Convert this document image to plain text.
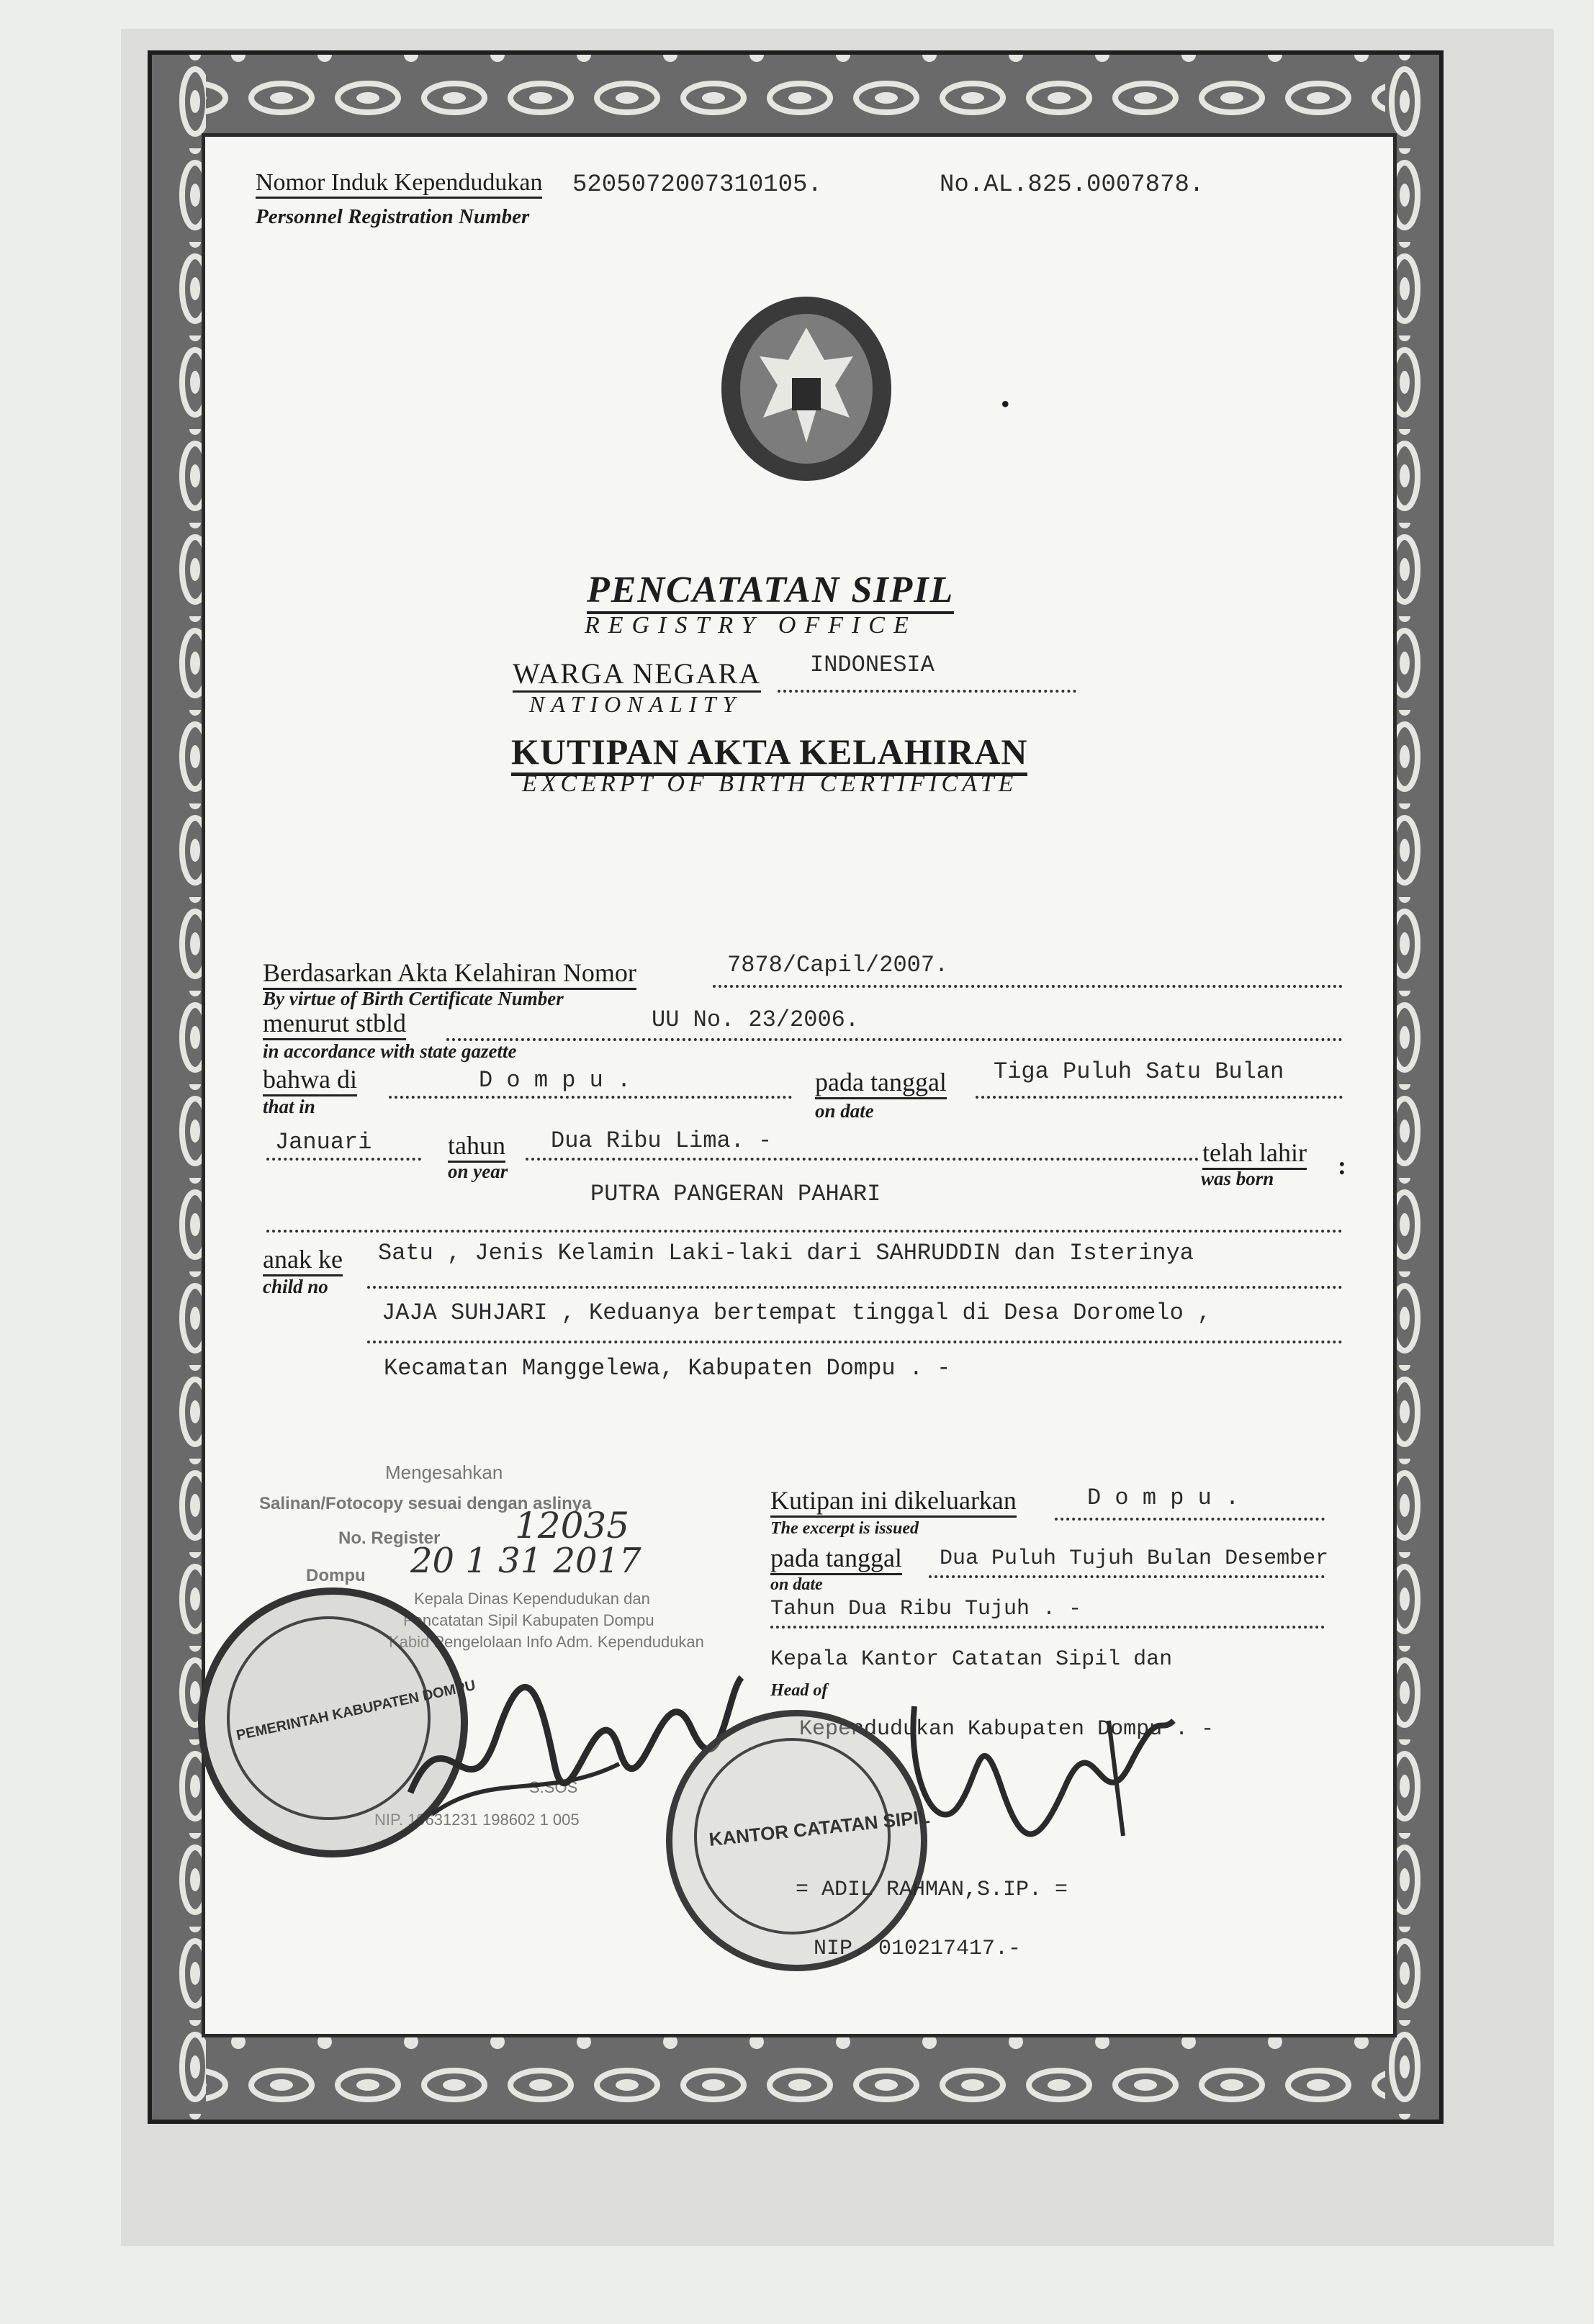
Nomor Induk Kependudukan 5205072007310105.
Personnel Registration Number
No.AL.825.0007878.
•
PENCATATAN SIPIL
REGISTRY OFFICE
WARGA NEGARA INDONESIA
NATIONALITY
KUTIPAN AKTA KELAHIRAN
EXCERPT OF BIRTH CERTIFICATE
Berdasarkan Akta Kelahiran Nomor	7878/Capil/2007.
By virtue of Birth Certificate Number
menurut stbld	UU No. 23/2006.
in accordance with state gazette
bahwa di	D o m p u .
that in
pada tanggal Tiga Puluh Satu Bulan
on date
Januari	tahun Dua Ribu Lima. -
on year
telah lahir
was born :
PUTRA PANGERAN PAHARI
anak ke
child no
Satu , Jenis Kelamin Laki-laki dari SAHRUDDIN dan Isterinya
JAJA SUHJARI , Keduanya bertempat tinggal di Desa Doromelo ,
Kecamatan Manggelewa, Kabupaten Dompu . -
Mengesahkan
Salinan/Fotocopy sesuai dengan aslinya
No. Register 12035
Dompu 20 1 31 2017
Kepala Dinas Kependudukan dan
Pencatatan Sipil Kabupaten Dompu
Kabid Pengelolaan Info Adm. Kependudukan
S.SOS
NIP. 19631231 198602 1 005
PEMERINTAH KABUPATEN DOMPU
Kutipan ini dikeluarkan	D o m p u .
The excerpt is issued
pada tanggal Dua Puluh Tujuh Bulan Desember
on date
Tahun Dua Ribu Tujuh . -
Kepala Kantor Catatan Sipil dan
Head of
Kependudukan Kabupaten Dompu . -
KANTOR CATATAN SIPIL
= ADIL RAHMAN,S.IP. =
NIP. 010217417.-
